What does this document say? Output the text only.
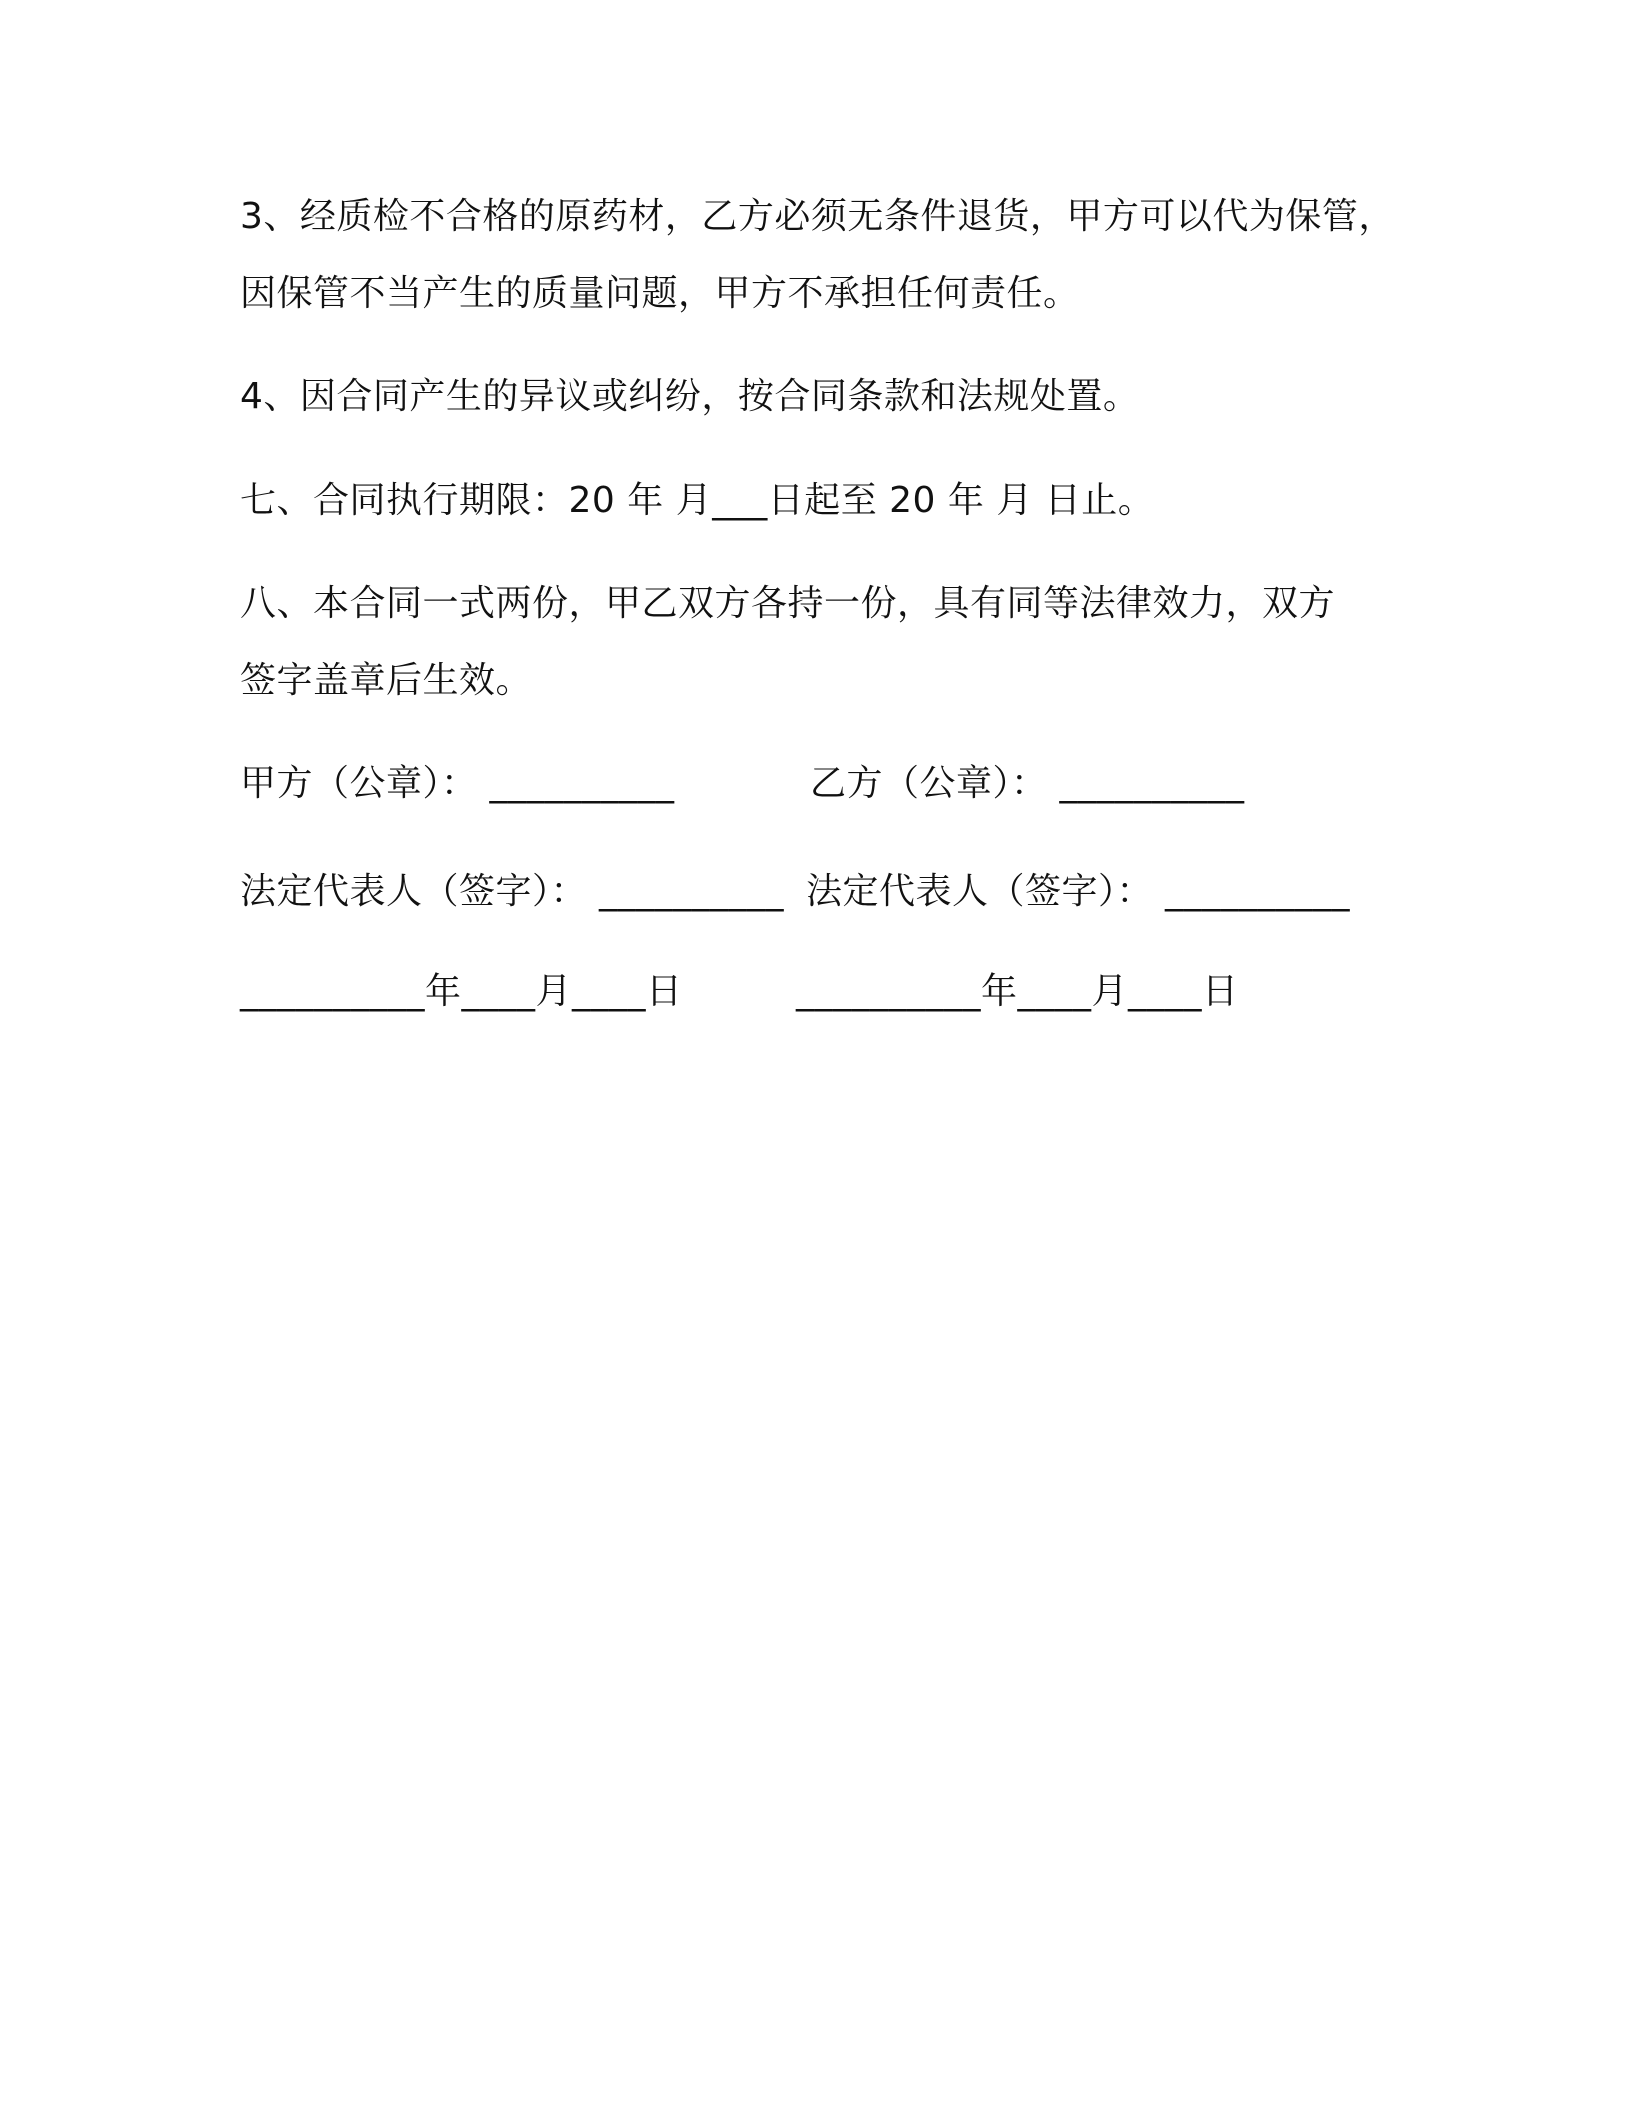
3、经质检不合格的原药材，乙方必须无条件退货，甲方可以代为保管，
因保管不当产生的质量问题，甲方不承担任何责任。
4、因合同产生的异议或纠纷，按合同条款和法规处置。
七、合同执行期限：20 年 月___日起至 20 年 月 日止。
八、本合同一式两份，甲乙双方各持一份，具有同等法律效力，双方
签字盖章后生效。
甲方（公章）： __________	乙方（公章）： __________
法定代表人（签字）： __________ 法定代表人（签字）： __________
__________年____月____日	__________年____月____日
